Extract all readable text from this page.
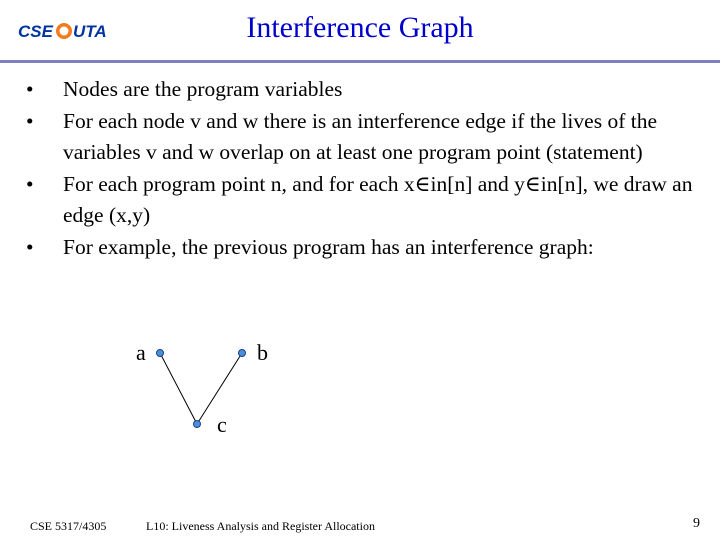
CSE UTA	Interference Graph
•	Nodes are the program variables
•	For each node v and w there is an interference edge if the lives of the variables v and w overlap on at least one program point (statement)
•	For each program point n, and for each x∈in[n] and y∈in[n], we draw an edge (x,y)
•	For example, the previous program has an interference graph:
a	b
c
CSE 5317/4305	L10: Liveness Analysis and Register Allocation	9
